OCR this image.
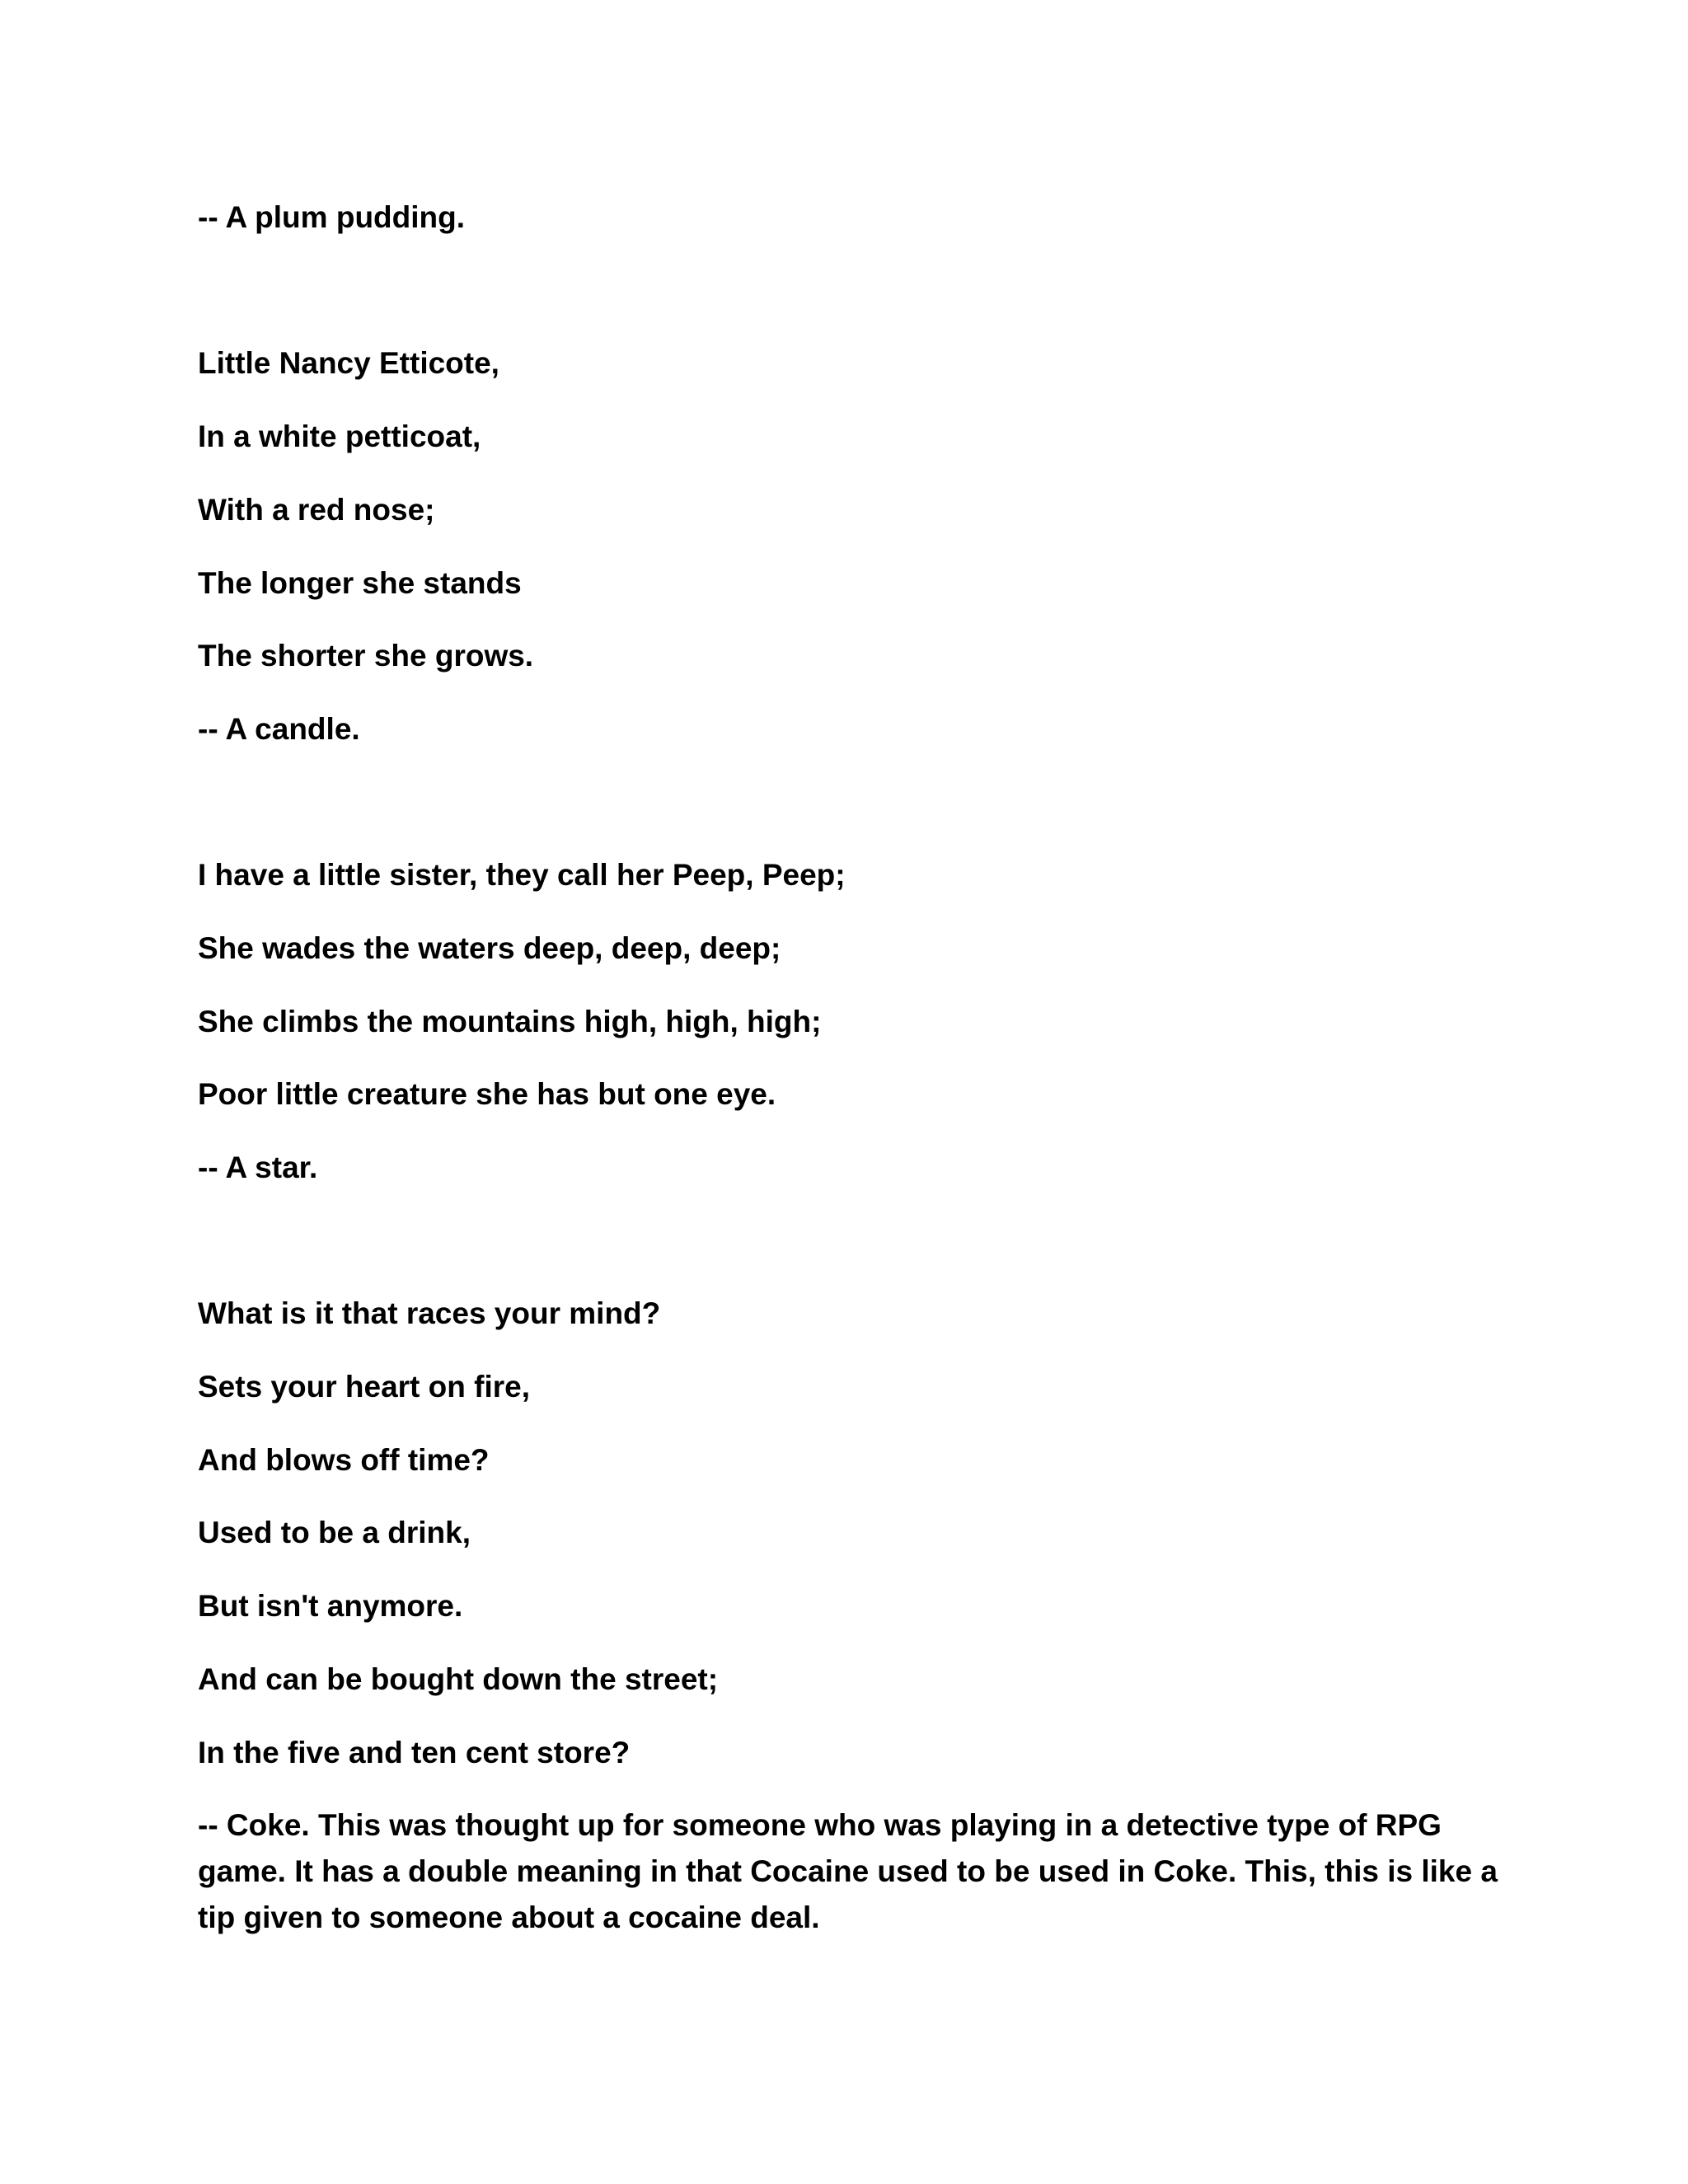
-- A plum pudding.

Little Nancy Etticote,

In a white petticoat,

With a red nose;

The longer she stands

The shorter she grows.

-- A candle.

I have a little sister, they call her Peep, Peep;

She wades the waters deep, deep, deep;

She climbs the mountains high, high, high;

Poor little creature she has but one eye.

-- A star.

What is it that races your mind?

Sets your heart on fire,

And blows off time?

Used to be a drink,

But isn't anymore.

And can be bought down the street;

In the five and ten cent store?

-- Coke. This was thought up for someone who was playing in a detective type of RPG game. It has a double meaning in that Cocaine used to be used in Coke. This, this is like a tip given to someone about a cocaine deal.
